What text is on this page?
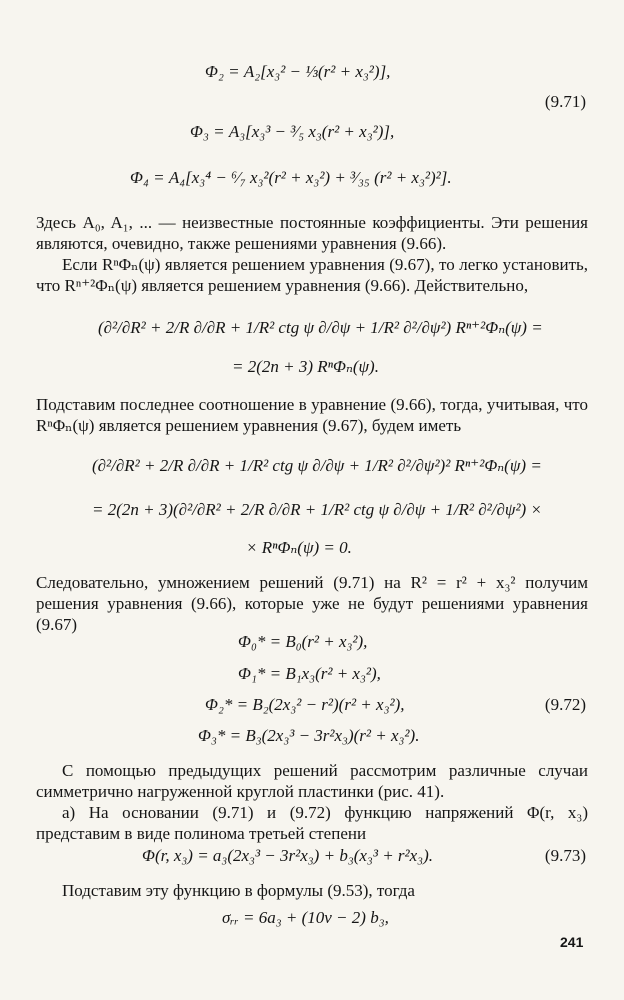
Φ₂ = A₂[x₃² − ⅓(r² + x₃²)],
(9.71)
Φ₃ = A₃[x₃³ − ³⁄₅ x₃(r² + x₃²)],
Φ₄ = A₄[x₃⁴ − ⁶⁄₇ x₃²(r² + x₃²) + ³⁄₃₅ (r² + x₃²)²].
Здесь A₀, A₁, ... — неизвестные постоянные коэффициенты. Эти решения являются, очевидно, также решениями уравнения (9.66).
Если RⁿΦₙ(ψ) является решением уравнения (9.67), то легко установить, что Rⁿ⁺²Φₙ(ψ) является решением уравнения (9.66). Действительно,
(∂²/∂R² + 2/R ∂/∂R + 1/R² ctg ψ ∂/∂ψ + 1/R² ∂²/∂ψ²) Rⁿ⁺²Φₙ(ψ) =
= 2(2n + 3) RⁿΦₙ(ψ).
Подставим последнее соотношение в уравнение (9.66), тогда, учитывая, что RⁿΦₙ(ψ) является решением уравнения (9.67), будем иметь
(∂²/∂R² + 2/R ∂/∂R + 1/R² ctg ψ ∂/∂ψ + 1/R² ∂²/∂ψ²)² Rⁿ⁺²Φₙ(ψ) =
= 2(2n + 3)(∂²/∂R² + 2/R ∂/∂R + 1/R² ctg ψ ∂/∂ψ + 1/R² ∂²/∂ψ²) ×
× RⁿΦₙ(ψ) = 0.
Следовательно, умножением решений (9.71) на R² = r² + x₃² получим решения уравнения (9.66), которые уже не будут решениями уравнения (9.67)
Φ₀* = B₀(r² + x₃²),
Φ₁* = B₁x₃(r² + x₃²),
Φ₂* = B₂(2x₃² − r²)(r² + x₃²),	(9.72)
Φ₃* = B₃(2x₃³ − 3r²x₃)(r² + x₃²).
С помощью предыдущих решений рассмотрим различные случаи симметрично нагруженной круглой пластинки (рис. 41).
а) На основании (9.71) и (9.72) функцию напряжений Φ(r, x₃) представим в виде полинома третьей степени
Φ(r, x₃) = a₃(2x₃³ − 3r²x₃) + b₃(x₃³ + r²x₃).	(9.73)
Подставим эту функцию в формулы (9.53), тогда
σᵣᵣ = 6a₃ + (10ν − 2) b₃,
241
